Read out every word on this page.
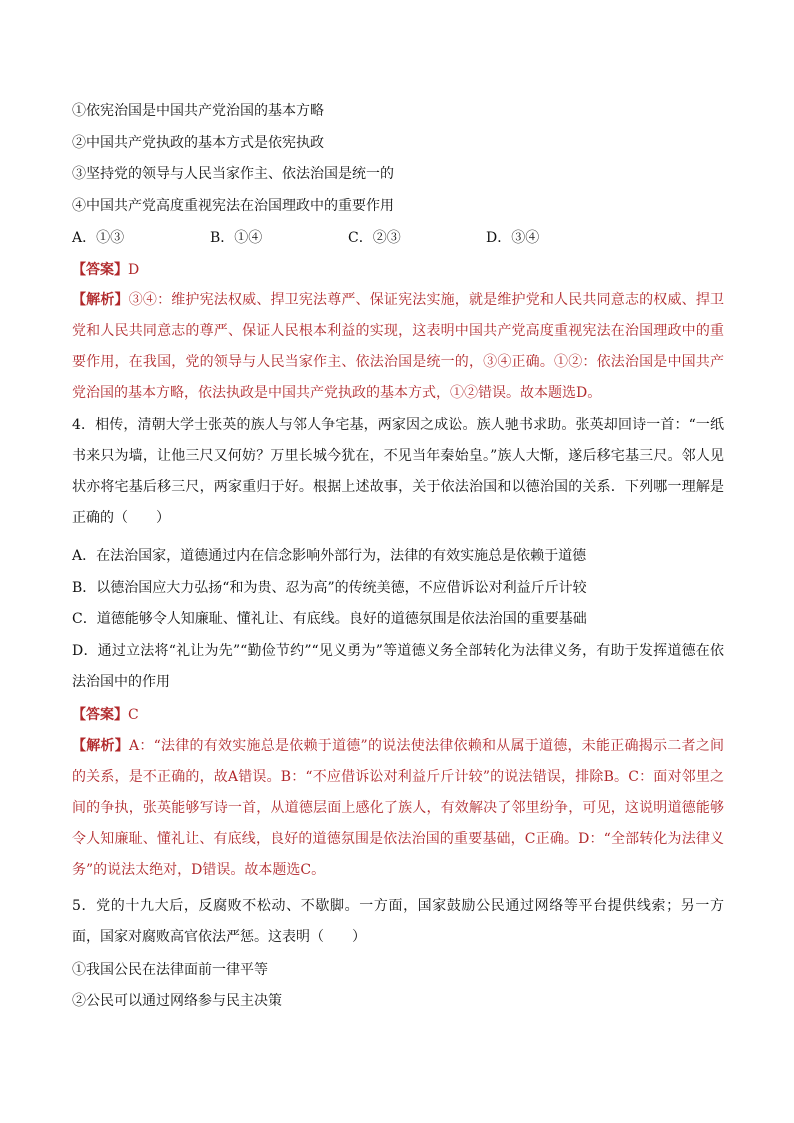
①依宪治国是中国共产党治国的基本方略
②中国共产党执政的基本方式是依宪执政
③坚持党的领导与人民当家作主、依法治国是统一的
④中国共产党高度重视宪法在治国理政中的重要作用
A．①③	B．①④	C．②③	D．③④
【答案】D
【解析】③④：维护宪法权威、捍卫宪法尊严、保证宪法实施，就是维护党和人民共同意志的权威、捍卫党和人民共同意志的尊严、保证人民根本利益的实现，这表明中国共产党高度重视宪法在治国理政中的重要作用，在我国，党的领导与人民当家作主、依法治国是统一的，③④正确。①②：依法治国是中国共产党治国的基本方略，依法执政是中国共产党执政的基本方式，①②错误。故本题选D。
4．相传，清朝大学士张英的族人与邻人争宅基，两家因之成讼。族人驰书求助。张英却回诗一首：“一纸书来只为墙，让他三尺又何妨？万里长城今犹在，不见当年秦始皇。”族人大惭，遂后移宅基三尺。邻人见状亦将宅基后移三尺，两家重归于好。根据上述故事，关于依法治国和以德治国的关系．下列哪一理解是正确的（　　）
A．在法治国家，道德通过内在信念影响外部行为，法律的有效实施总是依赖于道德
B．以德治国应大力弘扬“和为贵、忍为高”的传统美德，不应借诉讼对利益斤斤计较
C．道德能够令人知廉耻、懂礼让、有底线。良好的道德氛围是依法治国的重要基础
D．通过立法将“礼让为先”“勤俭节约”“见义勇为”等道德义务全部转化为法律义务，有助于发挥道德在依法治国中的作用
【答案】C
【解析】A：“法律的有效实施总是依赖于道德”的说法使法律依赖和从属于道德，未能正确揭示二者之间的关系，是不正确的，故A错误。B：“不应借诉讼对利益斤斤计较”的说法错误，排除B。C：面对邻里之间的争执，张英能够写诗一首，从道德层面上感化了族人，有效解决了邻里纷争，可见，这说明道德能够令人知廉耻、懂礼让、有底线，良好的道德氛围是依法治国的重要基础，C正确。D：“全部转化为法律义务”的说法太绝对，D错误。故本题选C。
5．党的十九大后，反腐败不松动、不歇脚。一方面，国家鼓励公民通过网络等平台提供线索；另一方面，国家对腐败高官依法严惩。这表明（　　）
①我国公民在法律面前一律平等
②公民可以通过网络参与民主决策
